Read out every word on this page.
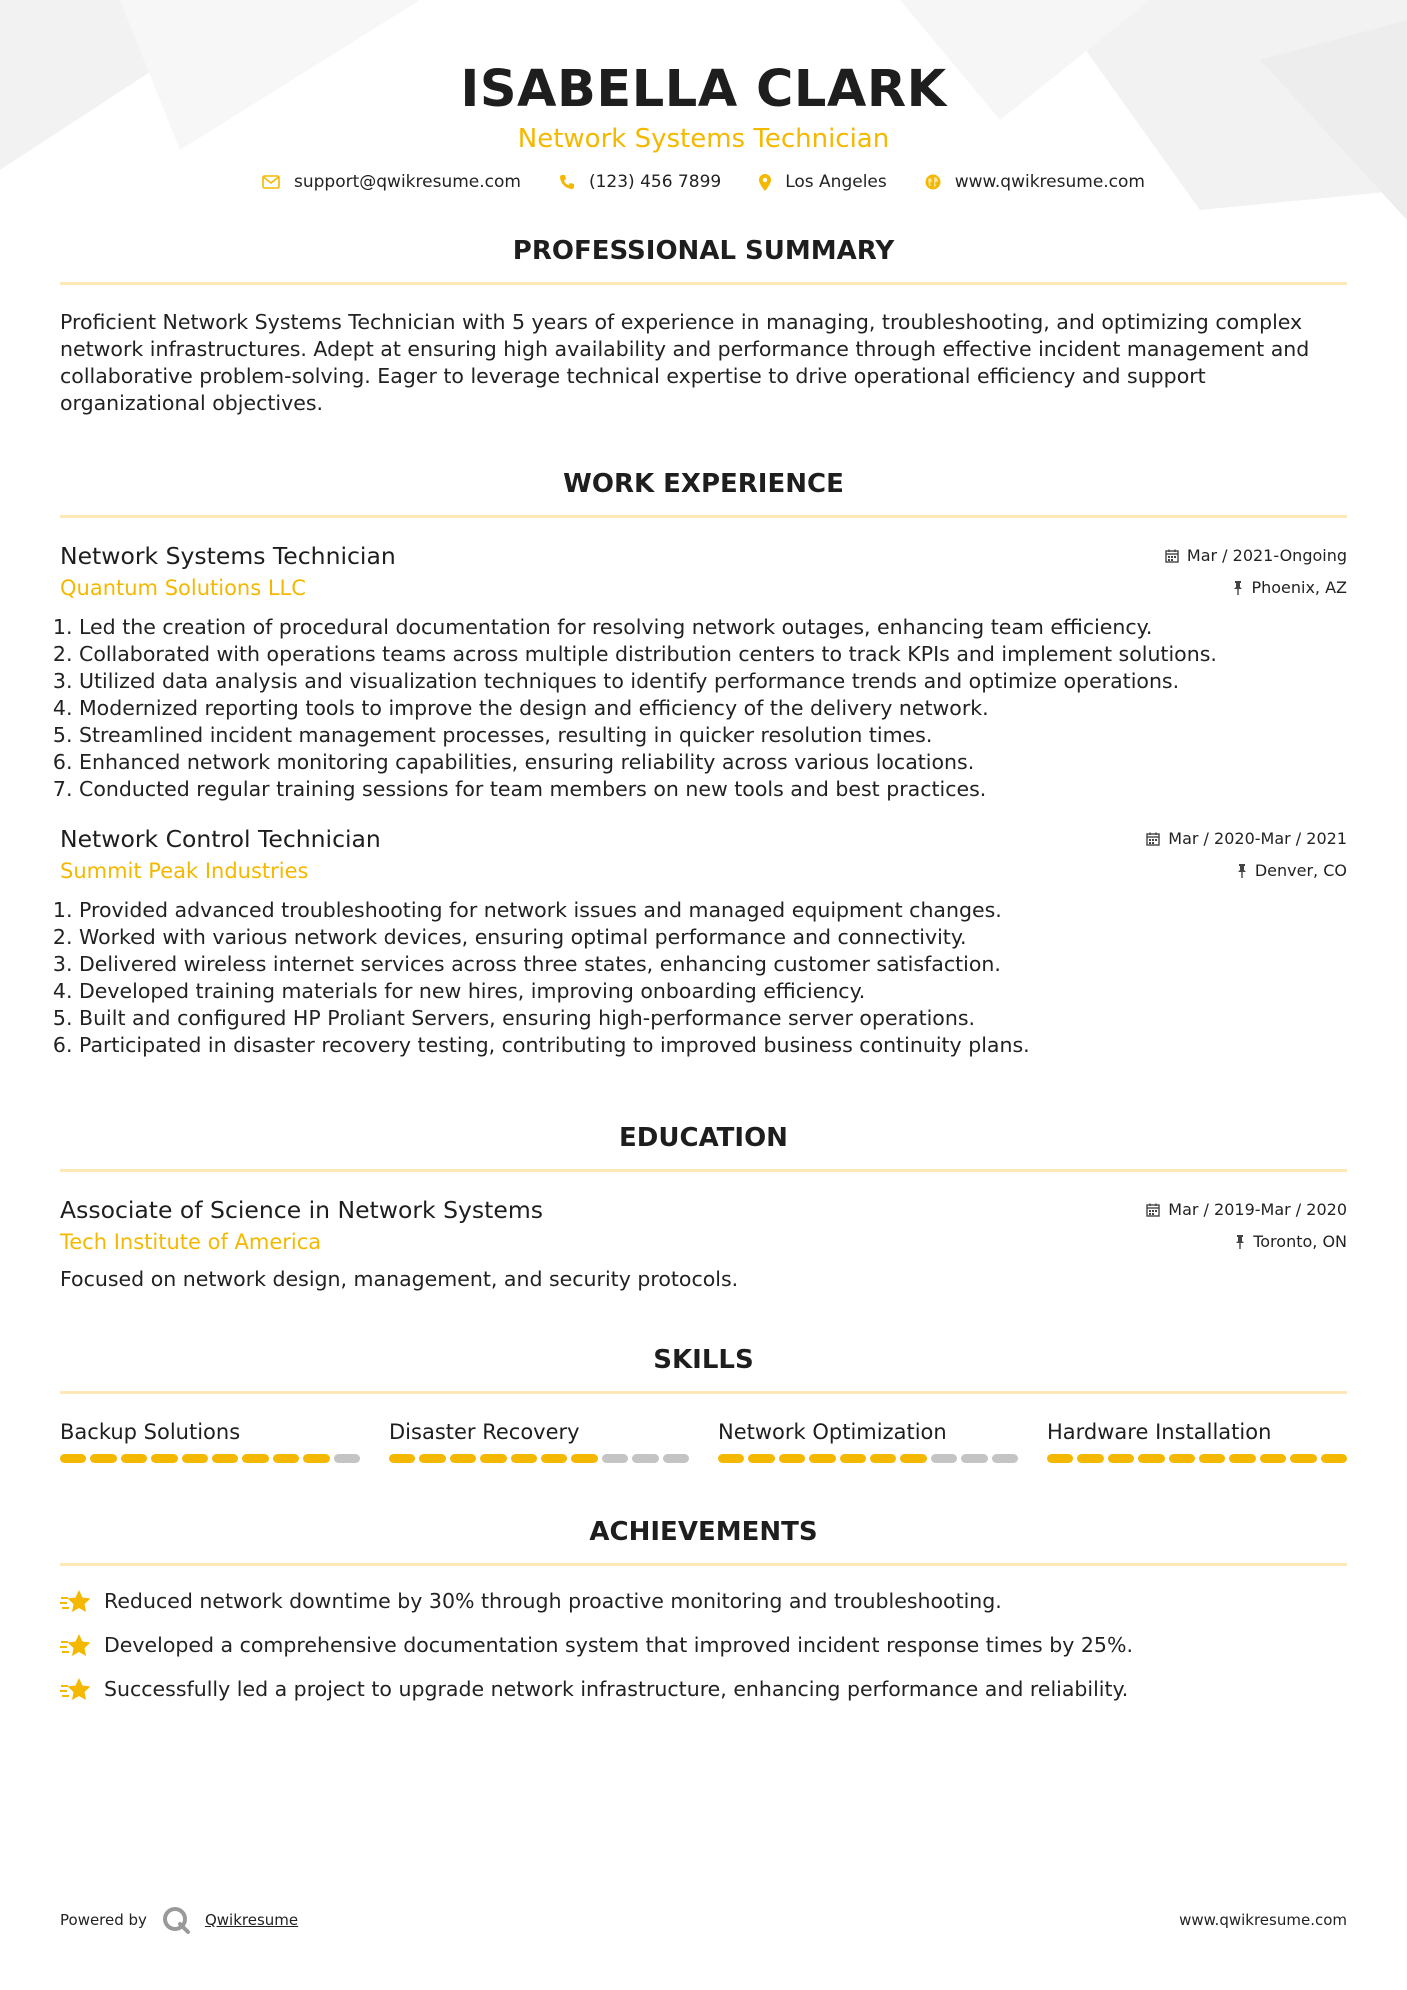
ISABELLA CLARK
Network Systems Technician
support@qwikresume.com	(123) 456 7899	Los Angeles	www.qwikresume.com
PROFESSIONAL SUMMARY
Proficient Network Systems Technician with 5 years of experience in managing, troubleshooting, and optimizing complex network infrastructures. Adept at ensuring high availability and performance through effective incident management and collaborative problem-solving. Eager to leverage technical expertise to drive operational efficiency and support organizational objectives.
WORK EXPERIENCE
Network Systems Technician
Quantum Solutions LLC
Mar / 2021-Ongoing
Phoenix, AZ
1. Led the creation of procedural documentation for resolving network outages, enhancing team efficiency.
2. Collaborated with operations teams across multiple distribution centers to track KPIs and implement solutions.
3. Utilized data analysis and visualization techniques to identify performance trends and optimize operations.
4. Modernized reporting tools to improve the design and efficiency of the delivery network.
5. Streamlined incident management processes, resulting in quicker resolution times.
6. Enhanced network monitoring capabilities, ensuring reliability across various locations.
7. Conducted regular training sessions for team members on new tools and best practices.
Network Control Technician
Summit Peak Industries
Mar / 2020-Mar / 2021
Denver, CO
1. Provided advanced troubleshooting for network issues and managed equipment changes.
2. Worked with various network devices, ensuring optimal performance and connectivity.
3. Delivered wireless internet services across three states, enhancing customer satisfaction.
4. Developed training materials for new hires, improving onboarding efficiency.
5. Built and configured HP Proliant Servers, ensuring high-performance server operations.
6. Participated in disaster recovery testing, contributing to improved business continuity plans.
EDUCATION
Associate of Science in Network Systems
Tech Institute of America
Mar / 2019-Mar / 2020
Toronto, ON
Focused on network design, management, and security protocols.
SKILLS
Backup Solutions	Disaster Recovery	Network Optimization	Hardware Installation
ACHIEVEMENTS
Reduced network downtime by 30% through proactive monitoring and troubleshooting.
Developed a comprehensive documentation system that improved incident response times by 25%.
Successfully led a project to upgrade network infrastructure, enhancing performance and reliability.
Powered by	Qwikresume	www.qwikresume.com
